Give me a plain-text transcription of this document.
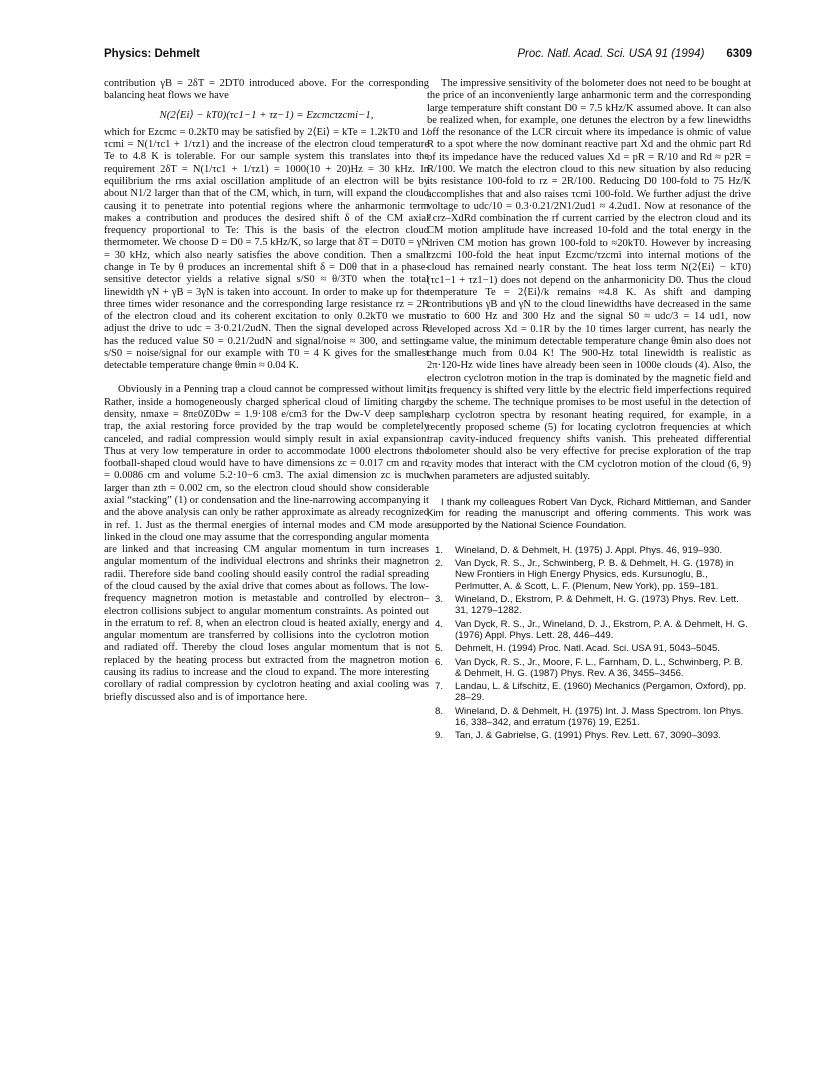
Physics: Dehmelt	Proc. Natl. Acad. Sci. USA 91 (1994) 6309

contribution γB = 2δT = 2DT0 introduced above. For the corresponding balancing heat flows we have

N(2⟨Ei⟩ − kT0)(τc1−1 + τz−1) = Ezcmcτzcmi−1,

which for Ezcmc = 0.2kT0 may be satisfied by 2⟨Ei⟩ = kTe = 1.2kT0 and 1/τcmi = N(1/τc1 + 1/τz1) and the increase of the electron cloud temperature Te to 4.8 K is tolerable. For our sample system this translates into the requirement 2δT = N(1/τc1 + 1/τz1) = 1000(10 + 20)Hz = 30 kHz. In equilibrium the rms axial oscillation amplitude of an electron will be by about N1/2 larger than that of the CM, which, in turn, will expand the cloud causing it to penetrate into potential regions where the anharmonic term makes a contribution and produces the desired shift δ of the CM axial frequency proportional to Te: This is the basis of the electron cloud thermometer. We choose D = D0 = 7.5 kHz/K, so large that δT = D0T0 = γN = 30 kHz, which also nearly satisfies the above condition. Then a small change in Te by θ produces an incremental shift δ = D0θ that in a phase-sensitive detector yields a relative signal s/S0 ≈ θ/3T0 when the total linewidth γN + γB = 3γN is taken into account. In order to make up for the three times wider resonance and the corresponding large resistance rz = 2R of the electron cloud and its coherent excitation to only 0.2kT0 we must adjust the drive to udc = 3·0.21/2udN. Then the signal developed across R has the reduced value S0 = 0.21/2udN and signal/noise ≈ 300, and setting s/S0 = noise/signal for our example with T0 = 4 K gives for the smallest detectable temperature change θmin ≈ 0.04 K.

Obviously in a Penning trap a cloud cannot be compressed without limit. Rather, inside a homogeneously charged spherical cloud of limiting charge density, nmaxe = 8πε0Z0Dw = 1.9·108 e/cm3 for the Dw-V deep sample trap, the axial restoring force provided by the trap would be completely canceled, and radial compression would simply result in axial expansion. Thus at very low temperature in order to accommodate 1000 electrons the football-shaped cloud would have to have dimensions zc = 0.017 cm and rc = 0.0086 cm and volume 5.2·10−6 cm3. The axial dimension zc is much larger than zth = 0.002 cm, so the electron cloud should show considerable axial “stacking” (1) or condensation and the line-narrowing accompanying it and the above analysis can only be rather approximate as already recognized in ref. 1. Just as the thermal energies of internal modes and CM mode are linked in the cloud one may assume that the corresponding angular momenta are linked and that increasing CM angular momentum in turn increases angular momentum of the individual electrons and shrinks their magnetron radii. Therefore side band cooling should easily control the radial spreading of the cloud caused by the axial drive that comes about as follows. The low-frequency magnetron motion is metastable and controlled by electron–electron collisions subject to angular momentum constraints. As pointed out in the erratum to ref. 8, when an electron cloud is heated axially, energy and angular momentum are transferred by collisions into the cyclotron motion and radiated off. Thereby the cloud loses angular momentum that is not replaced by the heating process but extracted from the magnetron motion causing its radius to increase and the cloud to expand. The more interesting corollary of radial compression by cyclotron heating and axial cooling was briefly discussed also and is of importance here.

The impressive sensitivity of the bolometer does not need to be bought at the price of an inconveniently large anharmonic term and the corresponding large temperature shift constant D0 = 7.5 kHz/K assumed above. It can also be realized when, for example, one detunes the electron by a few linewidths off the resonance of the LCR circuit where its impedance is ohmic of value R to a spot where the now dominant reactive part Xd and the ohmic part Rd of its impedance have the reduced values Xd = pR = R/10 and Rd ≈ p2R = R/100. We match the electron cloud to this new situation by also reducing its resistance 100-fold to rz = 2R/100. Reducing D0 100-fold to 75 Hz/K accomplishes that and also raises τcmi 100-fold. We further adjust the drive voltage to udc/10 = 0.3·0.21/2N1/2ud1 ≈ 4.2ud1. Now at resonance of the ℓcrz–XdRd combination the rf current carried by the electron cloud and its CM motion amplitude have increased 10-fold and the total energy in the driven CM motion has grown 100-fold to ≈20kT0. However by increasing τzcmi 100-fold the heat input Ezcmc/τzcmi into internal motions of the cloud has remained nearly constant. The heat loss term N(2⟨Ei⟩ − kT0) (τc1−1 + τz1−1) does not depend on the anharmonicity D0. Thus the cloud temperature Te = 2⟨Ei⟩/k remains ≈4.8 K. As shift and damping contributions γB and γN to the cloud linewidths have decreased in the same ratio to 600 Hz and 300 Hz and the signal S0 ≈ udc/3 = 14 ud1, now developed across Xd = 0.1R by the 10 times larger current, has nearly the same value, the minimum detectable temperature change θmin also does not change much from 0.04 K! The 900-Hz total linewidth is realistic as 2π·120-Hz wide lines have already been seen in 1000e clouds (4). Also, the electron cyclotron motion in the trap is dominated by the magnetic field and its frequency is shifted very little by the electric field imperfections required by the scheme. The technique promises to be most useful in the detection of sharp cyclotron spectra by resonant heating required, for example, in a recently proposed scheme (5) for locating cyclotron frequencies at which trap cavity-induced frequency shifts vanish. This preheated differential bolometer should also be very effective for precise exploration of the trap cavity modes that interact with the CM cyclotron motion of the cloud (6, 9) when parameters are adjusted suitably.

I thank my colleagues Robert Van Dyck, Richard Mittleman, and Sander Kim for reading the manuscript and offering comments. This work was supported by the National Science Foundation.
1. Wineland, D. & Dehmelt, H. (1975) J. Appl. Phys. 46, 919–930.
2. Van Dyck, R. S., Jr., Schwinberg, P. B. & Dehmelt, H. G. (1978) in New Frontiers in High Energy Physics, eds. Kursunoglu, B., Perlmutter, A. & Scott, L. F. (Plenum, New York), pp. 159–181.
3. Wineland, D., Ekstrom, P. & Dehmelt, H. G. (1973) Phys. Rev. Lett. 31, 1279–1282.
4. Van Dyck, R. S., Jr., Wineland, D. J., Ekstrom, P. A. & Dehmelt, H. G. (1976) Appl. Phys. Lett. 28, 446–449.
5. Dehmelt, H. (1994) Proc. Natl. Acad. Sci. USA 91, 5043–5045.
6. Van Dyck, R. S., Jr., Moore, F. L., Farnham, D. L., Schwinberg, P. B. & Dehmelt, H. G. (1987) Phys. Rev. A 36, 3455–3456.
7. Landau, L. & Lifschitz, E. (1960) Mechanics (Pergamon, Oxford), pp. 28–29.
8. Wineland, D. & Dehmelt, H. (1975) Int. J. Mass Spectrom. Ion Phys. 16, 338–342, and erratum (1976) 19, E251.
9. Tan, J. & Gabrielse, G. (1991) Phys. Rev. Lett. 67, 3090–3093.
